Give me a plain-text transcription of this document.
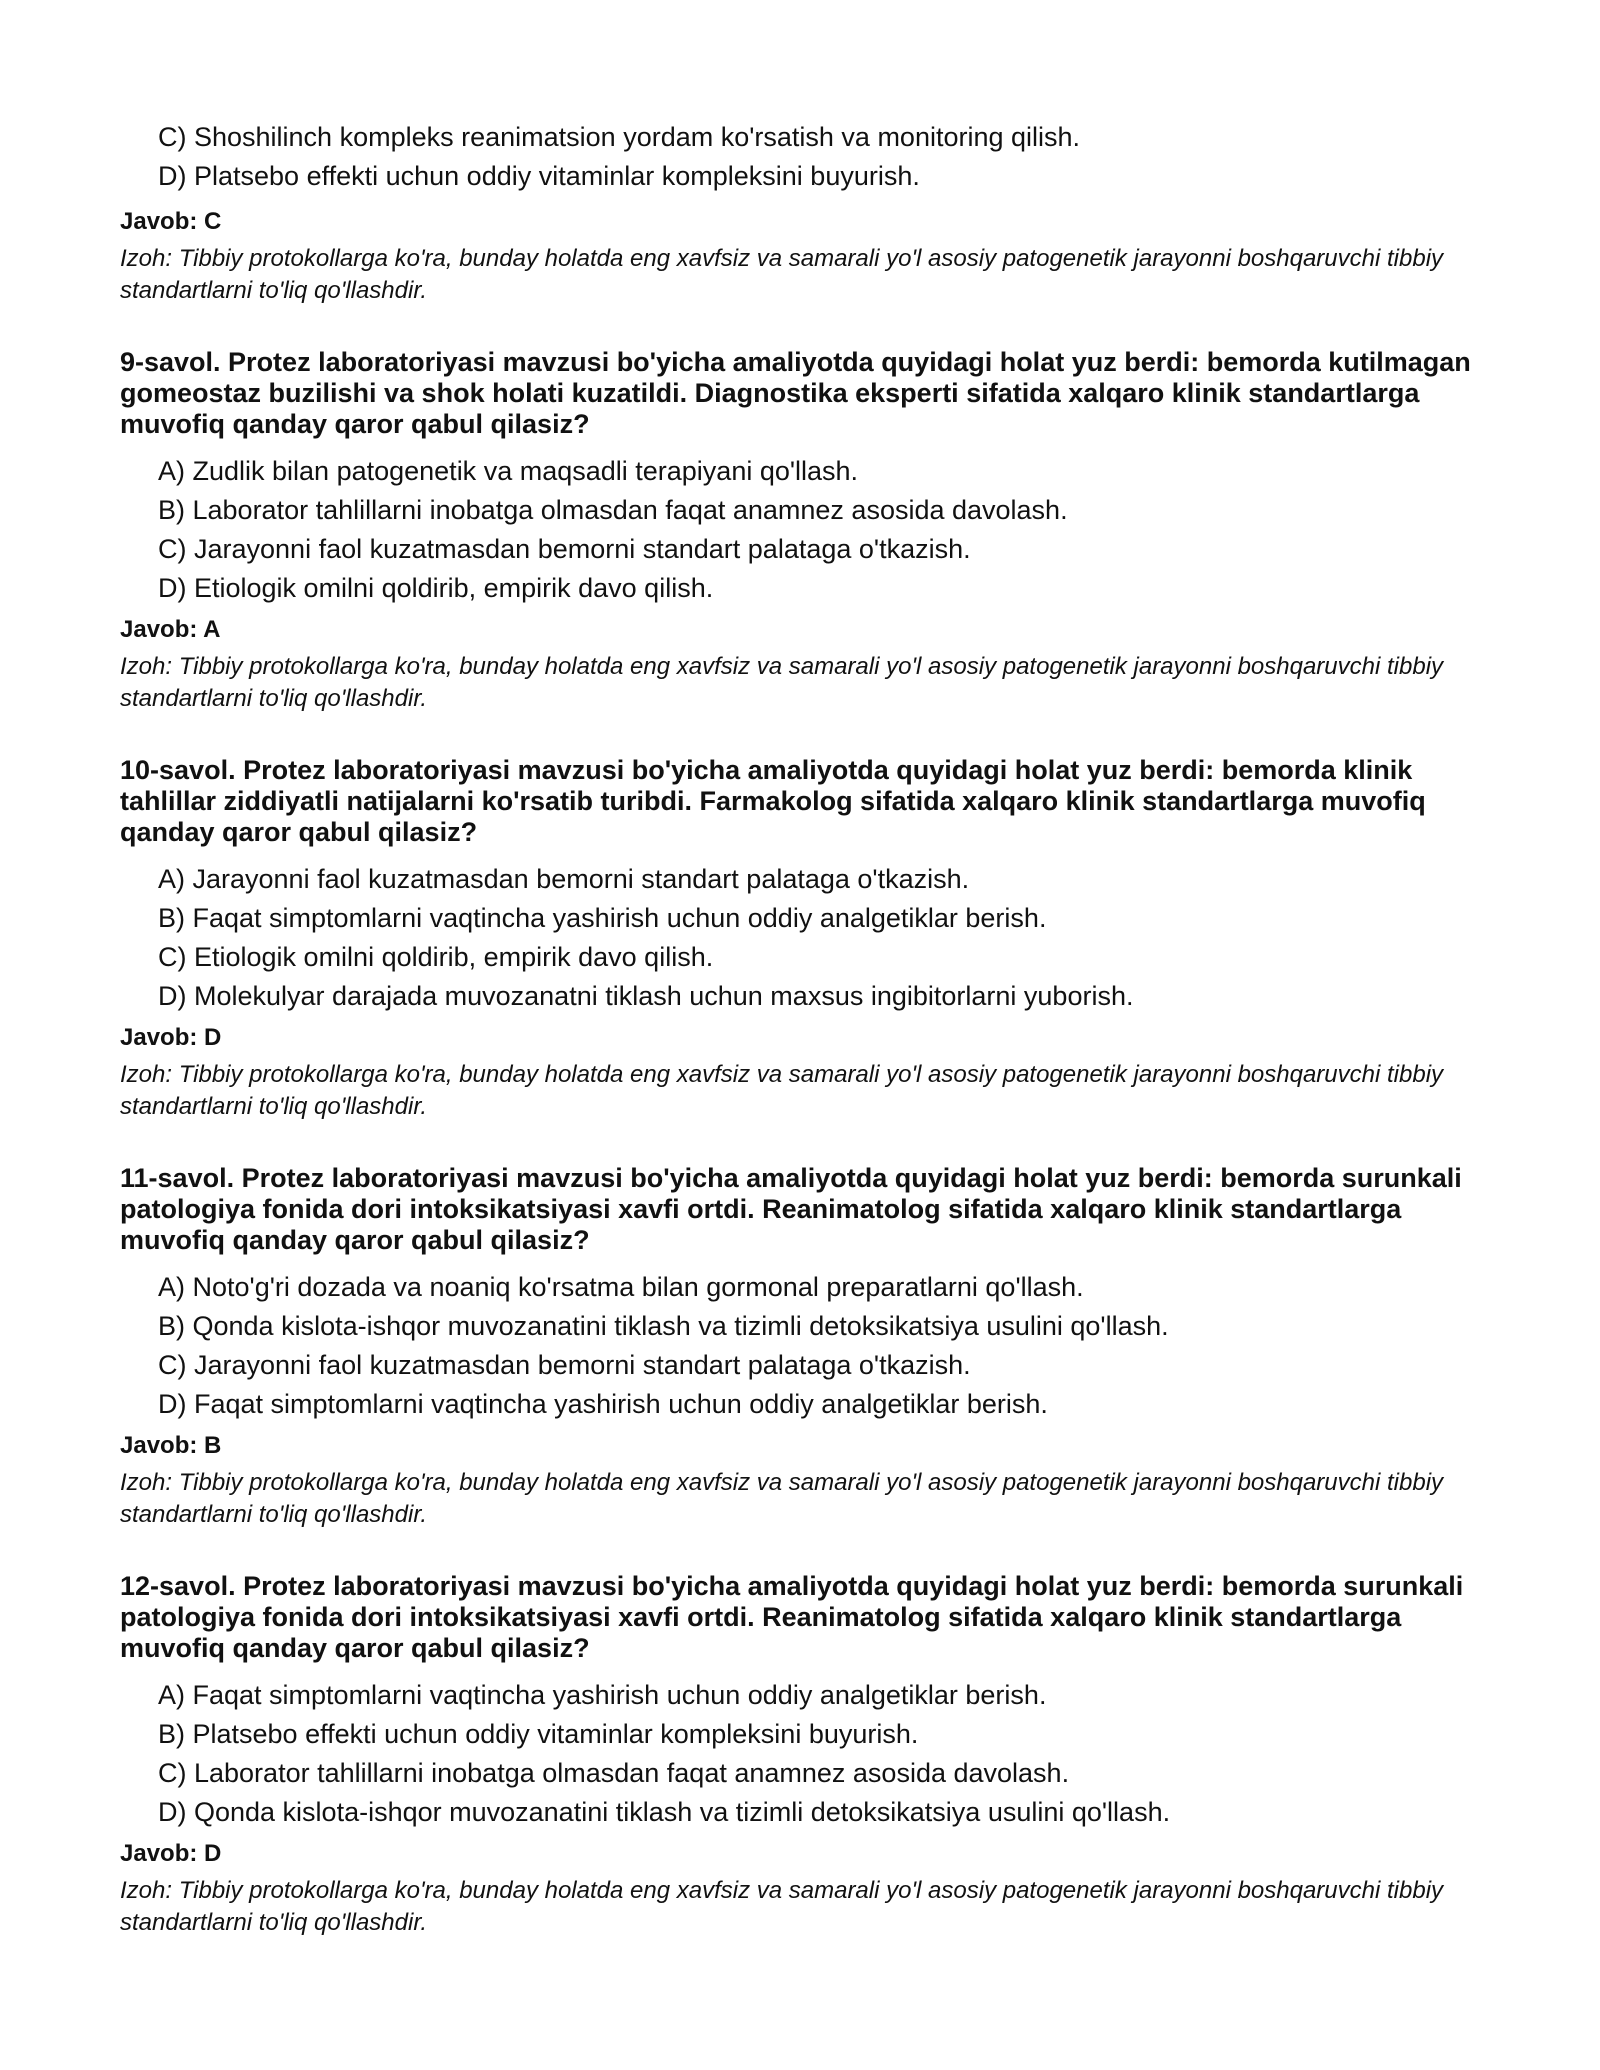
C) Shoshilinch kompleks reanimatsion yordam ko'rsatish va monitoring qilish.
D) Platsebo effekti uchun oddiy vitaminlar kompleksini buyurish.
Javob: C
Izoh: Tibbiy protokollarga ko'ra, bunday holatda eng xavfsiz va samarali yo'l asosiy patogenetik jarayonni boshqaruvchi tibbiy standartlarni to'liq qo'llashdir.
9-savol. Protez laboratoriyasi mavzusi bo'yicha amaliyotda quyidagi holat yuz berdi: bemorda kutilmagan gomeostaz buzilishi va shok holati kuzatildi. Diagnostika eksperti sifatida xalqaro klinik standartlarga muvofiq qanday qaror qabul qilasiz?
A) Zudlik bilan patogenetik va maqsadli terapiyani qo'llash.
B) Laborator tahlillarni inobatga olmasdan faqat anamnez asosida davolash.
C) Jarayonni faol kuzatmasdan bemorni standart palataga o'tkazish.
D) Etiologik omilni qoldirib, empirik davo qilish.
Javob: A
Izoh: Tibbiy protokollarga ko'ra, bunday holatda eng xavfsiz va samarali yo'l asosiy patogenetik jarayonni boshqaruvchi tibbiy standartlarni to'liq qo'llashdir.
10-savol. Protez laboratoriyasi mavzusi bo'yicha amaliyotda quyidagi holat yuz berdi: bemorda klinik tahlillar ziddiyatli natijalarni ko'rsatib turibdi. Farmakolog sifatida xalqaro klinik standartlarga muvofiq qanday qaror qabul qilasiz?
A) Jarayonni faol kuzatmasdan bemorni standart palataga o'tkazish.
B) Faqat simptomlarni vaqtincha yashirish uchun oddiy analgetiklar berish.
C) Etiologik omilni qoldirib, empirik davo qilish.
D) Molekulyar darajada muvozanatni tiklash uchun maxsus ingibitorlarni yuborish.
Javob: D
Izoh: Tibbiy protokollarga ko'ra, bunday holatda eng xavfsiz va samarali yo'l asosiy patogenetik jarayonni boshqaruvchi tibbiy standartlarni to'liq qo'llashdir.
11-savol. Protez laboratoriyasi mavzusi bo'yicha amaliyotda quyidagi holat yuz berdi: bemorda surunkali patologiya fonida dori intoksikatsiyasi xavfi ortdi. Reanimatolog sifatida xalqaro klinik standartlarga muvofiq qanday qaror qabul qilasiz?
A) Noto'g'ri dozada va noaniq ko'rsatma bilan gormonal preparatlarni qo'llash.
B) Qonda kislota-ishqor muvozanatini tiklash va tizimli detoksikatsiya usulini qo'llash.
C) Jarayonni faol kuzatmasdan bemorni standart palataga o'tkazish.
D) Faqat simptomlarni vaqtincha yashirish uchun oddiy analgetiklar berish.
Javob: B
Izoh: Tibbiy protokollarga ko'ra, bunday holatda eng xavfsiz va samarali yo'l asosiy patogenetik jarayonni boshqaruvchi tibbiy standartlarni to'liq qo'llashdir.
12-savol. Protez laboratoriyasi mavzusi bo'yicha amaliyotda quyidagi holat yuz berdi: bemorda surunkali patologiya fonida dori intoksikatsiyasi xavfi ortdi. Reanimatolog sifatida xalqaro klinik standartlarga muvofiq qanday qaror qabul qilasiz?
A) Faqat simptomlarni vaqtincha yashirish uchun oddiy analgetiklar berish.
B) Platsebo effekti uchun oddiy vitaminlar kompleksini buyurish.
C) Laborator tahlillarni inobatga olmasdan faqat anamnez asosida davolash.
D) Qonda kislota-ishqor muvozanatini tiklash va tizimli detoksikatsiya usulini qo'llash.
Javob: D
Izoh: Tibbiy protokollarga ko'ra, bunday holatda eng xavfsiz va samarali yo'l asosiy patogenetik jarayonni boshqaruvchi tibbiy standartlarni to'liq qo'llashdir.
